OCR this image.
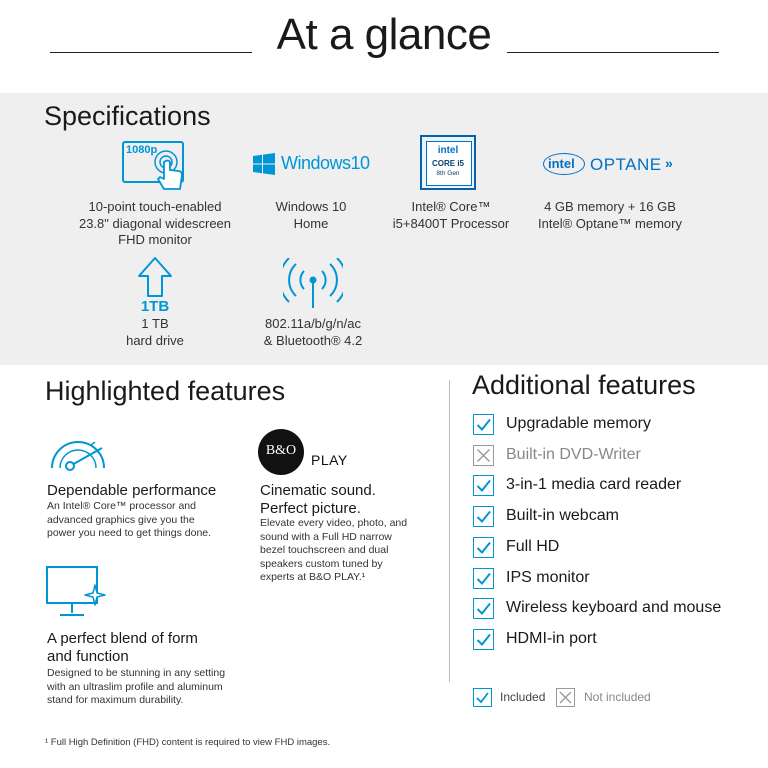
At a glance
Specifications
1080p
10-point touch-enabled
23.8" diagonal widescreen
FHD monitor
Windows10
Windows 10
Home
intel
CORE i5
8th Gen
Intel® Core™
i5+8400T Processor
intel OPTANE »
4 GB memory + 16 GB
Intel® Optane™ memory
1TB
1 TB
hard drive
802.11a/b/g/n/ac
& Bluetooth® 4.2
Highlighted features
Dependable performance
An Intel® Core™ processor and
advanced graphics give you the
power you need to get things done.
B&O
PLAY
Cinematic sound.
Perfect picture.
Elevate every video, photo, and
sound with a Full HD narrow
bezel touchscreen and dual
speakers custom tuned by
experts at B&O PLAY.¹
A perfect blend of form
and function
Designed to be stunning in any setting
with an ultraslim profile and aluminum
stand for maximum durability.
Additional features
Upgradable memory
Built-in DVD-Writer
3-in-1 media card reader
Built-in webcam
Full HD
IPS monitor
Wireless keyboard and mouse
HDMI-in port
Included	Not included
¹ Full High Definition (FHD) content is required to view FHD images.
